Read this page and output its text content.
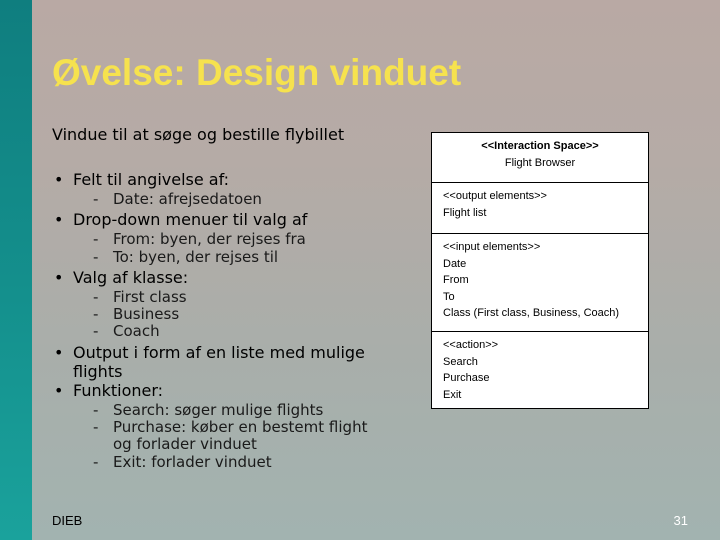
Øvelse: Design vinduet
Vindue til at søge og bestille flybillet
• Felt til angivelse af:
- Date: afrejsedatoen
• Drop-down menuer til valg af
- From: byen, der rejses fra
- To: byen, der rejses til
• Valg af klasse:
- First class
- Business
- Coach
• Output i form af en liste med mulige flights
• Funktioner:
- Search: søger mulige flights
- Purchase: køber en bestemt flight og forlader vinduet
- Exit: forlader vinduet
<<Interaction Space>>
Flight Browser
<<output elements>>
Flight list
<<input elements>>
Date
From
To
Class (First class, Business, Coach)
<<action>>
Search
Purchase
Exit
DIEB	31
